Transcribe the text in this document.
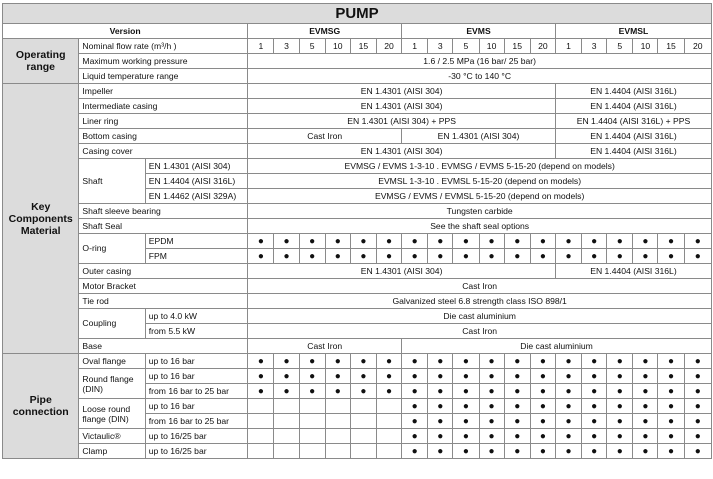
PUMP																				
Version			EVMSG						EVMS						EVMSL					
Operating range	Nominal flow rate (m³/h )		1	3	5	10	15	20	1	3	5	10	15	20	1	3	5	10	15	20
	Maximum working pressure		1.6 / 2.5 MPa (16 bar/ 25 bar)																	
	Liquid temperature range		-30 °C to 140 °C																	
Key Components Material	Impeller		EN 1.4301 (AISI 304)												EN 1.4404 (AISI 316L)					
	Intermediate casing		EN 1.4301 (AISI 304)												EN 1.4404 (AISI 316L)					
	Liner ring		EN 1.4301 (AISI 304) + PPS												EN 1.4404 (AISI 316L) + PPS					
	Bottom casing		Cast Iron						EN 1.4301 (AISI 304)						EN 1.4404 (AISI 316L)					
	Casing cover		EN 1.4301 (AISI 304)												EN 1.4404 (AISI 316L)					
	Shaft	EN 1.4301 (AISI 304)	EVMSG / EVMS 1-3-10 . EVMSG / EVMS 5-15-20 (depend on models)																	
		EN 1.4404 (AISI 316L)	EVMSL 1-3-10 . EVMSL 5-15-20 (depend on models)																	
		EN 1.4462 (AISI 329A)	EVMSG / EVMS / EVMSL 5-15-20 (depend on models)																	
	Shaft sleeve bearing		Tungsten carbide																	
	Shaft Seal		See the shaft seal options																	
	O-ring	EPDM	●	●	●	●	●	●	●	●	●	●	●	●	●	●	●	●	●	●
		FPM	●	●	●	●	●	●	●	●	●	●	●	●	●	●	●	●	●	●
	Outer casing		EN 1.4301 (AISI 304)												EN 1.4404 (AISI 316L)					
	Motor Bracket		Cast Iron																	
	Tie rod		Galvanized steel 6.8 strength class ISO 898/1																	
	Coupling	up to 4.0 kW	Die cast aluminium																	
		from 5.5 kW	Cast Iron																	
	Base		Cast Iron						Die cast aluminium											
Pipe connection	Oval flange	up to 16 bar	●	●	●	●	●	●	●	●	●	●	●	●	●	●	●	●	●	●
	Round flange (DIN)	up to 16 bar	●	●	●	●	●	●	●	●	●	●	●	●	●	●	●	●	●	●
		from 16 bar to 25 bar	●	●	●	●	●	●	●	●	●	●	●	●	●	●	●	●	●	●
	Loose round flange (DIN)	up to 16 bar							●	●	●	●	●	●	●	●	●	●	●	●
		from 16 bar to 25 bar							●	●	●	●	●	●	●	●	●	●	●	●
	Victaulic®	up to 16/25 bar							●	●	●	●	●	●	●	●	●	●	●	●
	Clamp	up to 16/25 bar							●	●	●	●	●	●	●	●	●	●	●	●
